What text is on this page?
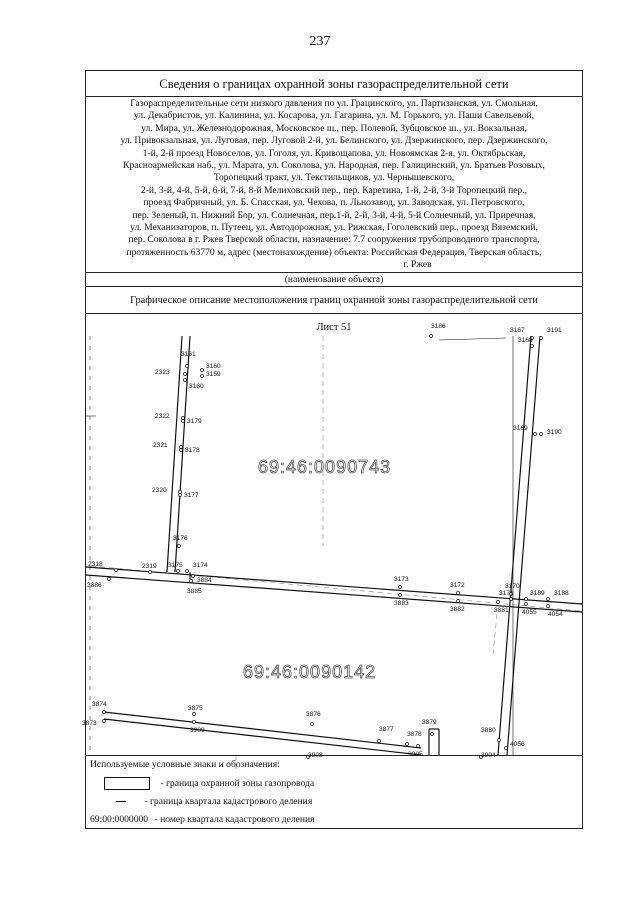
237
Сведения о границах охранной зоны газораспределительной сети
Газораспределительные сети низкого давления по ул. Грацинского, ул. Партизанская, ул. Смольная,
ул. Декабристов, ул. Калинина, ул. Косарова, ул. Гагарина, ул. М. Горького, ул. Паши Савельевой,
ул. Мира, ул. Железнодорожная, Московское ш., пер. Полевой, Зубцовское ш., ул. Вокзальная,
ул. Привокзальная, ул. Луговая, пер. Луговой 2-й, ул. Белинского, ул. Дзержинского, пер. Дзержинского,
1-й, 2-й проезд Новоселов, ул. Гоголя, ул. Кривощапова, ул. Новоямская 2-я, ул. Октябрьская,
Красноармейская наб., ул. Марата, ул. Соколова, ул. Народная, пер. Галицинский, ул. Братьев Розовых,
Торопецкий тракт, ул. Текстильщиков, ул. Чернышевского,
2-й, 3-й, 4-й, 5-й, 6-й, 7-й, 8-й Мелиховский пер., пер. Каретина, 1-й, 2-й, 3-й Торопецкий пер.,
проезд Фабричный, ул. Б. Спасская, ул. Чехова, п. Льнозавод, ул. Заводская, ул. Петровского,
пер. Зеленый, п. Нижний Бор, ул. Солнечная, пер.1-й, 2-й, 3-й, 4-й, 5-й Солнечный, ул. Приречная,
ул. Механизаторов, п. Путеец, ул. Автодорожная, ул. Рижская, Гоголевский пер., проезд Вяземский,
пер. Соколова в г. Ржев Тверской области, назначение: 7.7 сооружения трубопроводного транспорта,
протяженность 63770 м, адрес (местонахождение) объекта: Российская Федерация, Тверская область,
г. Ржев
(наименование объекта)
Графическое описание местоположения границ охранной зоны газораспределительной сети
Лист 51
69:46:0090743
69:46:0090142
3167	3191
3168
3161
3160
3159
2323
3180
2322
3179
3169
3190
2321
3178
2320
3177
3176
2318	2319 3175 3174
3886
3884
3885
3173
3172	3170
3171 3189 3188
3883
3882	3881 4055 4054
3874
3875
3876
3873
3909	3877
3878
3879
3880
3905
4056
3908	3904
3186
Используемые условные знаки и обозначения:
- граница охранной зоны газопровода
- граница квартала кадастрового деления
69:00:0000000 - номер квартала кадастрового деления
